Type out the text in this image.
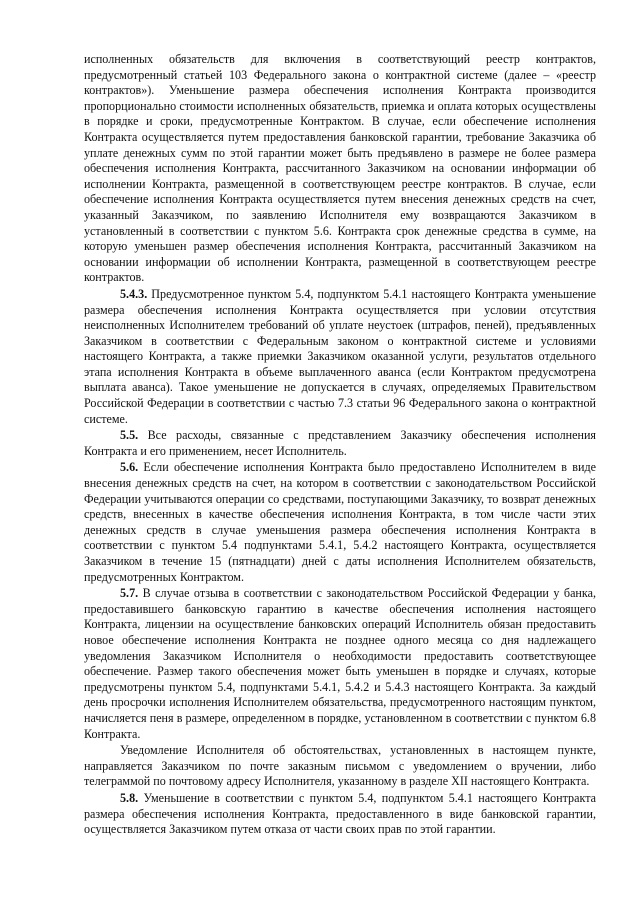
исполненных обязательств для включения в соответствующий реестр контрактов, предусмотренный статьей 103 Федерального закона о контрактной системе (далее – «реестр контрактов»). Уменьшение размера обеспечения исполнения Контракта производится пропорционально стоимости исполненных обязательств, приемка и оплата которых осуществлены в порядке и сроки, предусмотренные Контрактом. В случае, если обеспечение исполнения Контракта осуществляется путем предоставления банковской гарантии, требование Заказчика об уплате денежных сумм по этой гарантии может быть предъявлено в размере не более размера обеспечения исполнения Контракта, рассчитанного Заказчиком на основании информации об исполнении Контракта, размещенной в соответствующем реестре контрактов. В случае, если обеспечение исполнения Контракта осуществляется путем внесения денежных средств на счет, указанный Заказчиком, по заявлению Исполнителя ему возвращаются Заказчиком в установленный в соответствии с пунктом 5.6. Контракта срок денежные средства в сумме, на которую уменьшен размер обеспечения исполнения Контракта, рассчитанный Заказчиком на основании информации об исполнении Контракта, размещенной в соответствующем реестре контрактов.

5.4.3. Предусмотренное пунктом 5.4, подпунктом 5.4.1 настоящего Контракта уменьшение размера обеспечения исполнения Контракта осуществляется при условии отсутствия неисполненных Исполнителем требований об уплате неустоек (штрафов, пеней), предъявленных Заказчиком в соответствии с Федеральным законом о контрактной системе и условиями настоящего Контракта, а также приемки Заказчиком оказанной услуги, результатов отдельного этапа исполнения Контракта в объеме выплаченного аванса (если Контрактом предусмотрена выплата аванса). Такое уменьшение не допускается в случаях, определяемых Правительством Российской Федерации в соответствии с частью 7.3 статьи 96 Федерального закона о контрактной системе.

5.5. Все расходы, связанные с представлением Заказчику обеспечения исполнения Контракта и его применением, несет Исполнитель.

5.6. Если обеспечение исполнения Контракта было предоставлено Исполнителем в виде внесения денежных средств на счет, на котором в соответствии с законодательством Российской Федерации учитываются операции со средствами, поступающими Заказчику, то возврат денежных средств, внесенных в качестве обеспечения исполнения Контракта, в том числе части этих денежных средств в случае уменьшения размера обеспечения исполнения Контракта в соответствии с пунктом 5.4 подпунктами 5.4.1, 5.4.2 настоящего Контракта, осуществляется Заказчиком в течение 15 (пятнадцати) дней с даты исполнения Исполнителем обязательств, предусмотренных Контрактом.

5.7. В случае отзыва в соответствии с законодательством Российской Федерации у банка, предоставившего банковскую гарантию в качестве обеспечения исполнения настоящего Контракта, лицензии на осуществление банковских операций Исполнитель обязан предоставить новое обеспечение исполнения Контракта не позднее одного месяца со дня надлежащего уведомления Заказчиком Исполнителя о необходимости предоставить соответствующее обеспечение. Размер такого обеспечения может быть уменьшен в порядке и случаях, которые предусмотрены пунктом 5.4, подпунктами 5.4.1, 5.4.2 и 5.4.3 настоящего Контракта. За каждый день просрочки исполнения Исполнителем обязательства, предусмотренного настоящим пунктом, начисляется пеня в размере, определенном в порядке, установленном в соответствии с пунктом 6.8 Контракта.

Уведомление Исполнителя об обстоятельствах, установленных в настоящем пункте, направляется Заказчиком по почте заказным письмом с уведомлением о вручении, либо телеграммой по почтовому адресу Исполнителя, указанному в разделе XII настоящего Контракта.

5.8. Уменьшение в соответствии с пунктом 5.4, подпунктом 5.4.1 настоящего Контракта размера обеспечения исполнения Контракта, предоставленного в виде банковской гарантии, осуществляется Заказчиком путем отказа от части своих прав по этой гарантии.
